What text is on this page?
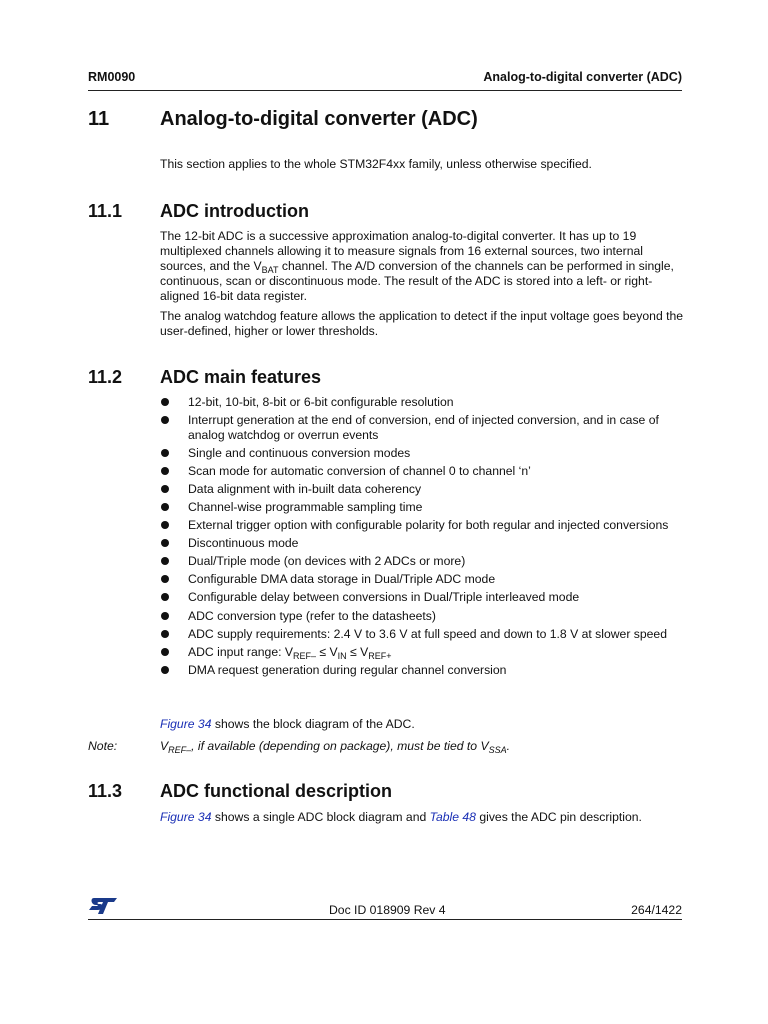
RM0090	Analog-to-digital converter (ADC)
11	Analog-to-digital converter (ADC)
This section applies to the whole STM32F4xx family, unless otherwise specified.
11.1 ADC introduction

The 12-bit ADC is a successive approximation analog-to-digital converter. It has up to 19 multiplexed channels allowing it to measure signals from 16 external sources, two internal sources, and the $V_{BAT}$ channel. The A/D conversion of the channels can be performed in single, continuous, scan or discontinuous mode. The result of the ADC is stored into a left- or right-aligned 16-bit data register.

The analog watchdog feature allows the application to detect if the input voltage goes beyond the user-defined, higher or lower thresholds.
11.2 ADC main features
12-bit, 10-bit, 8-bit or 6-bit configurable resolution
Interrupt generation at the end of conversion, end of injected conversion, and in case of analog watchdog or overrun events
Single and continuous conversion modes
Scan mode for automatic conversion of channel 0 to channel ‘n’
Data alignment with in-built data coherency
Channel-wise programmable sampling time
External trigger option with configurable polarity for both regular and injected conversions
Discontinuous mode
Dual/Triple mode (on devices with 2 ADCs or more)
Configurable DMA data storage in Dual/Triple ADC mode
Configurable delay between conversions in Dual/Triple interleaved mode
ADC conversion type (refer to the datasheets)
ADC supply requirements: 2.4 V to 3.6 V at full speed and down to 1.8 V at slower speed
ADC input range: $V_{REF-} \le V_{IN} \le V_{REF+}$
DMA request generation during regular channel conversion
Figure 34 shows the block diagram of the ADC.
Note:	$V_{REF-}$, if available (depending on package), must be tied to $V_{SSA}$.
11.3 ADC functional description
Figure 34 shows a single ADC block diagram and Table 48 gives the ADC pin description.
Doc ID 018909 Rev 4	264/1422
